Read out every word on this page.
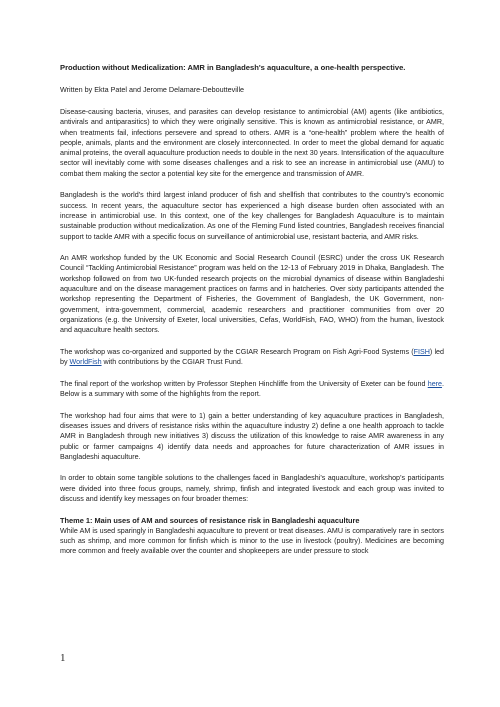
Production without Medicalization: AMR in Bangladesh's aquaculture, a one-health perspective.
Written by Ekta Patel and Jerome Delamare-Deboutteville

Disease-causing bacteria, viruses, and parasites can develop resistance to antimicrobial (AM) agents (like antibiotics, antivirals and antiparasitics) to which they were originally sensitive. This is known as antimicrobial resistance, or AMR, when treatments fail, infections persevere and spread to others. AMR is a “one-health” problem where the health of people, animals, plants and the environment are closely interconnected. In order to meet the global demand for aquatic animal proteins, the overall aquaculture production needs to double in the next 30 years. Intensification of the aquaculture sector will inevitably come with some diseases challenges and a risk to see an increase in antimicrobial use (AMU) to combat them making the sector a potential key site for the emergence and transmission of AMR.

Bangladesh is the world’s third largest inland producer of fish and shellfish that contributes to the country’s economic success. In recent years, the aquaculture sector has experienced a high disease burden often associated with an increase in antimicrobial use. In this context, one of the key challenges for Bangladesh Aquaculture is to maintain sustainable production without medicalization. As one of the Fleming Fund listed countries, Bangladesh receives financial support to tackle AMR with a specific focus on surveillance of antimicrobial use, resistant bacteria, and AMR risks.

An AMR workshop funded by the UK Economic and Social Research Council (ESRC) under the cross UK Research Council “Tackling Antimicrobial Resistance” program was held on the 12-13 of February 2019 in Dhaka, Bangladesh. The workshop followed on from two UK-funded research projects on the microbial dynamics of disease within Bangladeshi aquaculture and on the disease management practices on farms and in hatcheries. Over sixty participants attended the workshop representing the Department of Fisheries, the Government of Bangladesh, the UK Government, non-government, intra-government, commercial, academic researchers and practitioner communities from over 20 organizations (e.g. the University of Exeter, local universities, Cefas, WorldFish, FAO, WHO) from the human, livestock and aquaculture health sectors.

The workshop was co-organized and supported by the CGIAR Research Program on Fish Agri-Food Systems (FISH) led by WorldFish with contributions by the CGIAR Trust Fund.

The final report of the workshop written by Professor Stephen Hinchliffe from the University of Exeter can be found here. Below is a summary with some of the highlights from the report.

The workshop had four aims that were to 1) gain a better understanding of key aquaculture practices in Bangladesh, diseases issues and drivers of resistance risks within the aquaculture industry 2) define a one health approach to tackle AMR in Bangladesh through new initiatives 3) discuss the utilization of this knowledge to raise AMR awareness in any public or farmer campaigns 4) identify data needs and approaches for future characterization of AMR issues in Bangladeshi aquaculture.

In order to obtain some tangible solutions to the challenges faced in Bangladeshi’s aquaculture, workshop’s participants were divided into three focus groups, namely, shrimp, finfish and integrated livestock and each group was invited to discuss and identify key messages on four broader themes:

Theme 1: Main uses of AM and sources of resistance risk in Bangladeshi aquaculture

While AM is used sparingly in Bangladeshi aquaculture to prevent or treat diseases. AMU is comparatively rare in sectors such as shrimp, and more common for finfish which is minor to the use in livestock (poultry). Medicines are becoming more common and freely available over the counter and shopkeepers are under pressure to stock

1
